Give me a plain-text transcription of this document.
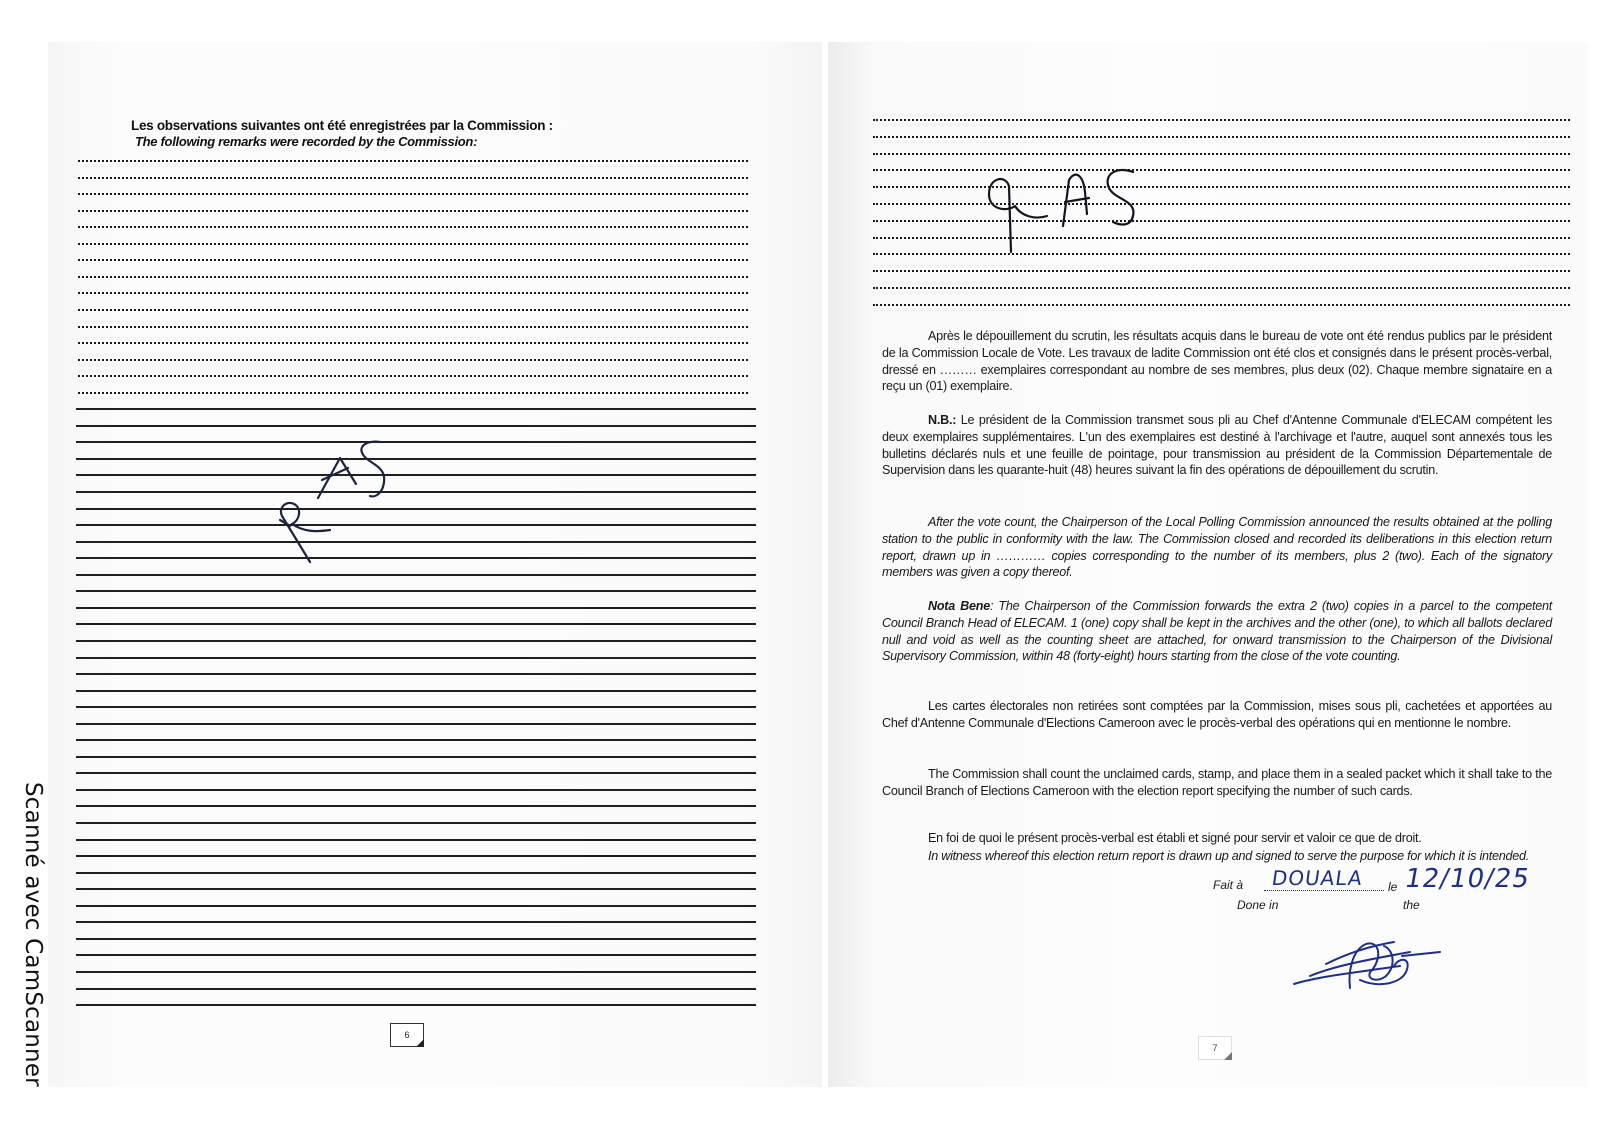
Les observations suivantes ont été enregistrées par la Commission :
The following remarks were recorded by the Commission:
Après le dépouillement du scrutin, les résultats acquis dans le bureau de vote ont été rendus publics par le président de la Commission Locale de Vote. Les travaux de ladite Commission ont été clos et consignés dans le présent procès-verbal, dressé en ……… exemplaires correspondant au nombre de ses membres, plus deux (02). Chaque membre signataire en a reçu un (01) exemplaire.
N.B.: Le président de la Commission transmet sous pli au Chef d'Antenne Communale d'ELECAM compétent les deux exemplaires supplémentaires. L'un des exemplaires est destiné à l'archivage et l'autre, auquel sont annexés tous les bulletins déclarés nuls et une feuille de pointage, pour transmission au président de la Commission Départementale de Supervision dans les quarante-huit (48) heures suivant la fin des opérations de dépouillement du scrutin.
After the vote count, the Chairperson of the Local Polling Commission announced the results obtained at the polling station to the public in conformity with the law. The Commission closed and recorded its deliberations in this election return report, drawn up in ………… copies corresponding to the number of its members, plus 2 (two). Each of the signatory members was given a copy thereof.
Nota Bene: The Chairperson of the Commission forwards the extra 2 (two) copies in a parcel to the competent Council Branch Head of ELECAM. 1 (one) copy shall be kept in the archives and the other (one), to which all ballots declared null and void as well as the counting sheet are attached, for onward transmission to the Chairperson of the Divisional Supervisory Commission, within 48 (forty-eight) hours starting from the close of the vote counting.
Les cartes électorales non retirées sont comptées par la Commission, mises sous pli, cachetées et apportées au Chef d'Antenne Communale d'Elections Cameroon avec le procès-verbal des opérations qui en mentionne le nombre.
The Commission shall count the unclaimed cards, stamp, and place them in a sealed packet which it shall take to the Council Branch of Elections Cameroon with the election report specifying the number of such cards.
En foi de quoi le présent procès-verbal est établi et signé pour servir et valoir ce que de droit.
In witness whereof this election return report is drawn up and signed to serve the purpose for which it is intended.
Fait à DOUALA le 12/10/25
Done in	the
6
7
Scanné avec CamScanner
